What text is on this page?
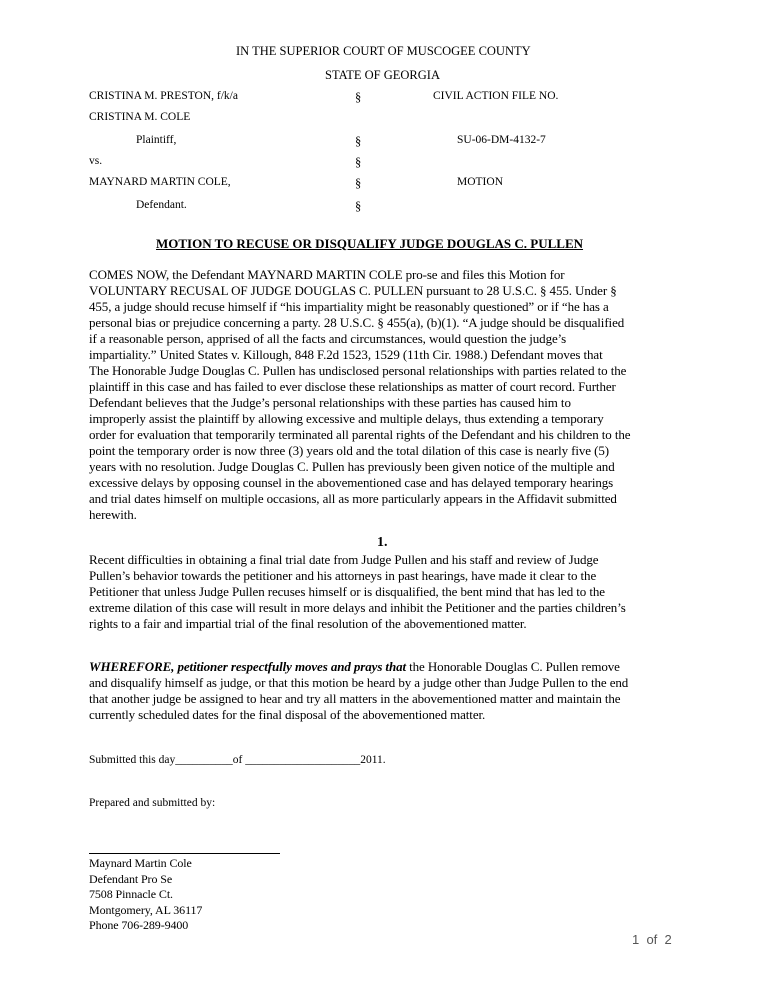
IN THE SUPERIOR COURT OF MUSCOGEE COUNTY
STATE OF GEORGIA
CRISTINA M. PRESTON, f/k/a
CRISTINA M. COLE
Plaintiff,
vs.
MAYNARD MARTIN COLE,
Defendant.
§
§
§
§
§
CIVIL ACTION FILE NO.
SU-06-DM-4132-7
MOTION
MOTION TO RECUSE OR DISQUALIFY JUDGE DOUGLAS C. PULLEN
COMES NOW, the Defendant MAYNARD MARTIN COLE pro-se and files this Motion for
VOLUNTARY RECUSAL OF JUDGE DOUGLAS C. PULLEN pursuant to 28 U.S.C. § 455. Under §
455, a judge should recuse himself if “his impartiality might be reasonably questioned” or if “he has a
personal bias or prejudice concerning a party. 28 U.S.C. § 455(a), (b)(1). “A judge should be disqualified
if a reasonable person, apprised of all the facts and circumstances, would question the judge’s
impartiality.” United States v. Killough, 848 F.2d 1523, 1529 (11th Cir. 1988.) Defendant moves that
The Honorable Judge Douglas C. Pullen has undisclosed personal relationships with parties related to the
plaintiff in this case and has failed to ever disclose these relationships as matter of court record. Further
Defendant believes that the Judge’s personal relationships with these parties has caused him to
improperly assist the plaintiff by allowing excessive and multiple delays, thus extending a temporary
order for evaluation that temporarily terminated all parental rights of the Defendant and his children to the
point the temporary order is now three (3) years old and the total dilation of this case is nearly five (5)
years with no resolution. Judge Douglas C. Pullen has previously been given notice of the multiple and
excessive delays by opposing counsel in the abovementioned case and has delayed temporary hearings
and trial dates himself on multiple occasions, all as more particularly appears in the Affidavit submitted
herewith.
1.
Recent difficulties in obtaining a final trial date from Judge Pullen and his staff and review of Judge
Pullen’s behavior towards the petitioner and his attorneys in past hearings, have made it clear to the
Petitioner that unless Judge Pullen recuses himself or is disqualified, the bent mind that has led to the
extreme dilation of this case will result in more delays and inhibit the Petitioner and the parties children’s
rights to a fair and impartial trial of the final resolution of the abovementioned matter.
WHEREFORE, petitioner respectfully moves and prays that the Honorable Douglas C. Pullen remove
and disqualify himself as judge, or that this motion be heard by a judge other than Judge Pullen to the end
that another judge be assigned to hear and try all matters in the abovementioned matter and maintain the
currently scheduled dates for the final disposal of the abovementioned matter.
Submitted this day__________of ____________________2011.
Prepared and submitted by:
Maynard Martin Cole
Defendant Pro Se
7508 Pinnacle Ct.
Montgomery, AL 36117
Phone 706-289-9400
1  of  2
